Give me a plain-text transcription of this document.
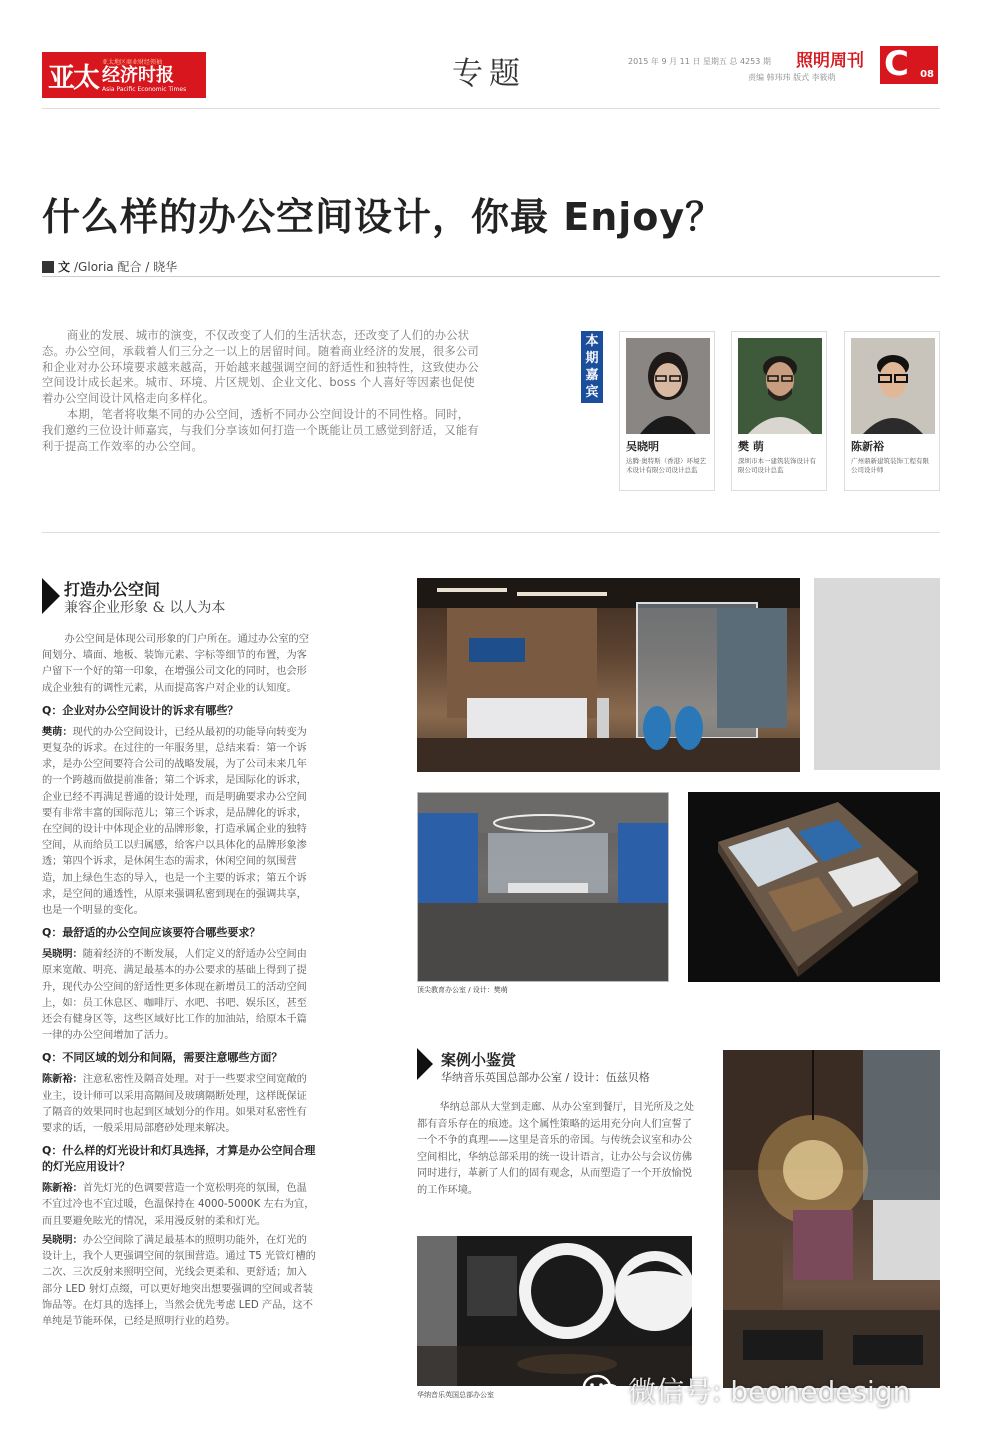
亚太 亚太地区商业财经领袖
经济时报
Asia Pacific Economic Times	专题	2015 年 9 月 11 日 星期五 总 4253 期
责编 韩玮玮 版式 李筱萌
照明周刊 C 08
什么样的办公空间设计，你最 Enjoy？
文 /Gloria 配合 / 晓华

商业的发展、城市的演变，不仅改变了人们的生活状态，还改变了人们的办公状态。办公空间，承载着人们三分之一以上的居留时间。随着商业经济的发展，很多公司和企业对办公环境要求越来越高，开始越来越强调空间的舒适性和独特性，这致使办公空间设计成长起来。城市、环境、片区规划、企业文化、boss 个人喜好等因素也促使着办公空间设计风格走向多样化。

本期，笔者将收集不同的办公空间，透析不同办公空间设计的不同性格。同时，我们邀约三位设计师嘉宾，与我们分享该如何打造一个既能让员工感觉到舒适，又能有利于提高工作效率的办公空间。

本期嘉宾
吴晓明
达腾·奥特斯（香港）环境艺术设计有限公司设计总监
樊 萌
深圳市本一建筑装饰设计有限公司设计总监
陈新裕
广州鼎新建筑装饰工程有限公司设计师
打造办公空间
兼容企业形象 & 以人为本

办公空间是体现公司形象的门户所在。通过办公室的空间划分、墙面、地板、装饰元素、字标等细节的布置，为客户留下一个好的第一印象，在增强公司文化的同时，也会形成企业独有的调性元素，从而提高客户对企业的认知度。

Q：企业对办公空间设计的诉求有哪些？

樊萌：现代的办公空间设计，已经从最初的功能导向转变为更复杂的诉求。在过往的一年服务里，总结来看：第一个诉求，是办公空间要符合公司的战略发展，为了公司未来几年的一个跨越而做提前准备；第二个诉求，是国际化的诉求，企业已经不再满足普通的设计处理，而是明确要求办公空间要有非常丰富的国际范儿；第三个诉求，是品牌化的诉求，在空间的设计中体现企业的品牌形象，打造承属企业的独特空间，从而给员工以归属感，给客户以具体化的品牌形象渗透；第四个诉求，是休闲生态的需求，休闲空间的氛围营造，加上绿色生态的导入，也是一个主要的诉求；第五个诉求，是空间的通透性，从原来强调私密到现在的强调共享，也是一个明显的变化。

Q：最舒适的办公空间应该要符合哪些要求？

吴晓明：随着经济的不断发展，人们定义的舒适办公空间由原来宽敞、明亮、满足最基本的办公要求的基础上得到了提升，现代办公空间的舒适性更多体现在新增员工的活动空间上，如：员工休息区、咖啡厅、水吧、书吧、娱乐区，甚至还会有健身区等，这些区域好比工作的加油站，给原本千篇一律的办公空间增加了活力。

Q：不同区域的划分和间隔，需要注意哪些方面？

陈新裕：注意私密性及隔音处理。对于一些要求空间宽敞的业主，设计师可以采用高隔间及玻璃隔断处理，这样既保证了隔音的效果同时也起到区域划分的作用。如果对私密性有要求的话，一般采用局部磨砂处理来解决。

Q：什么样的灯光设计和灯具选择，才算是办公空间合理的灯光应用设计？

陈新裕：首先灯光的色调要营造一个宽松明亮的氛围，色温不宜过冷也不宜过暖，色温保持在 4000-5000K 左右为宜，而且要避免眩光的情况，采用漫反射的柔和灯光。

吴晓明：办公空间除了满足最基本的照明功能外，在灯光的设计上，我个人更强调空间的氛围营造。通过 T5 光管灯槽的二次、三次反射来照明空间，光线会更柔和、更舒适；加入部分 LED 射灯点缀，可以更好地突出想要强调的空间或者装饰品等。在灯具的选择上，当然会优先考虑 LED 产品，这不单纯是节能环保，已经是照明行业的趋势。

顶尖教育办公室 / 设计：樊萌
案例小鉴赏
华纳音乐英国总部办公室 / 设计：伍兹贝格

华纳总部从大堂到走廊、从办公室到餐厅，目光所及之处都有音乐存在的痕迹。这个属性策略的运用充分向人们宣誓了一个不争的真理——这里是音乐的帝国。与传统会议室和办公空间相比，华纳总部采用的统一设计语言，让办公与会议仿佛同时进行，革新了人们的固有观念，从而塑造了一个开放愉悦的工作环境。

华纳音乐英国总部办公室	微信号: beonedesign
